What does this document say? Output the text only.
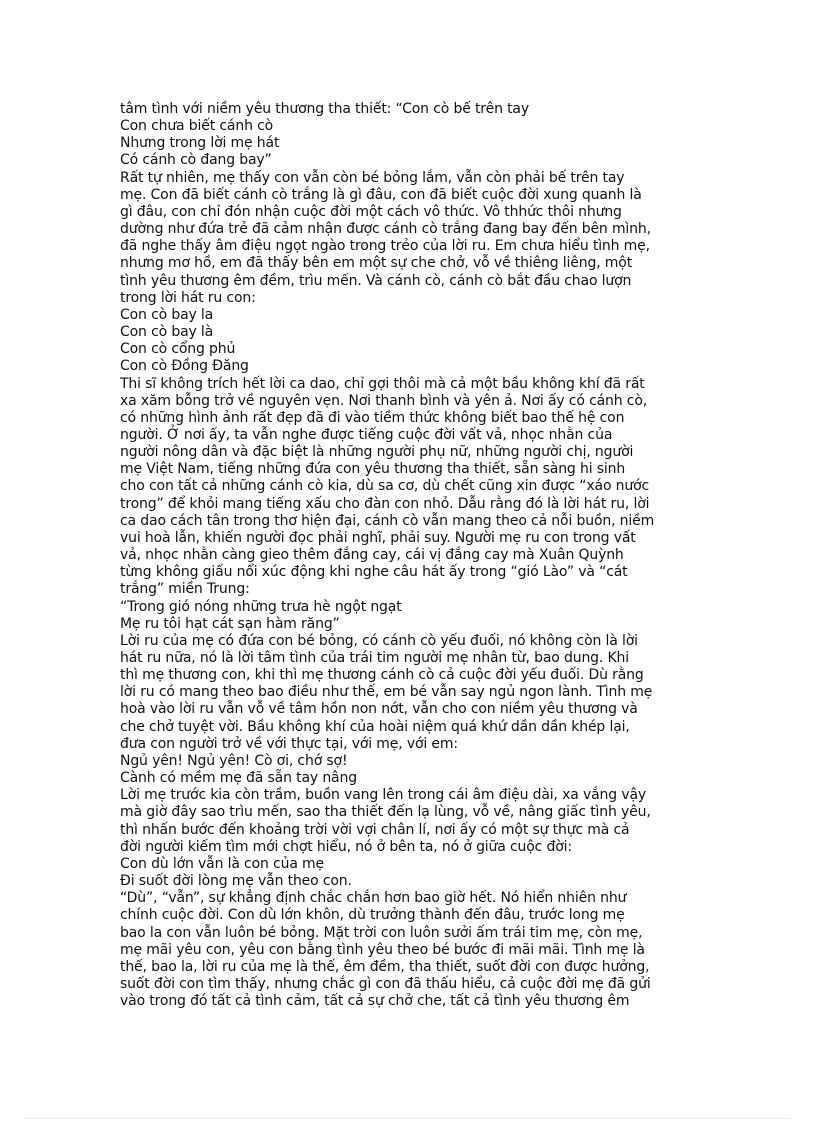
tâm tình với niềm yêu thương tha thiết: “Con cò bế trên tay
Con chưa biết cánh cò
Nhưng trong lời mẹ hát
Có cánh cò đang bay”
Rất tự nhiên, mẹ thấy con vẫn còn bé bỏng lắm, vẫn còn phải bế trên tay
mẹ. Con đã biết cánh cò trắng là gì đâu, con đã biết cuộc đời xung quanh là
gì đâu, con chỉ đón nhận cuộc đời một cách vô thức. Vô thhức thôi nhưng
dường như đứa trẻ đã cảm nhận được cánh cò trắng đang bay đến bên mình,
đã nghe thấy âm điệu ngọt ngào trong trẻo của lời ru. Em chưa hiểu tình mẹ,
nhưng mơ hồ, em đã thấy bên em một sự che chở, vỗ về thiêng liêng, một
tình yêu thương êm đềm, trìu mến. Và cánh cò, cánh cò bắt đầu chao lượn
trong lời hát ru con:
Con cò bay la
Con cò bay là
Con cò cổng phủ
Con cò Đồng Đăng
Thi sĩ không trích hết lời ca dao, chỉ gợi thôi mà cả một bầu không khí đã rất
xa xăm bỗng trở về nguyên vẹn. Nơi thanh bình và yên ả. Nơi ấy có cánh cò,
có những hình ảnh rất đẹp đã đi vào tiềm thức không biết bao thế hệ con
người. Ở nơi ấy, ta vẫn nghe được tiếng cuộc đời vất vả, nhọc nhằn của
người nông dân và đặc biệt là những người phụ nữ, những người chị, người
mẹ Việt Nam, tiếng những đứa con yêu thương tha thiết, sẵn sàng hi sinh
cho con tất cả những cánh cò kia, dù sa cơ, dù chết cũng xin được “xáo nước
trong” để khỏi mang tiếng xấu cho đàn con nhỏ. Dẫu rằng đó là lời hát ru, lời
ca dao cách tân trong thơ hiện đại, cánh cò vẫn mang theo cả nỗi buồn, niềm
vui hoà lẫn, khiến người đọc phải nghĩ, phải suy. Người mẹ ru con trong vất
vả, nhọc nhằn càng gieo thêm đắng cay, cái vị đắng cay mà Xuân Quỳnh
từng không giấu nổi xúc động khi nghe câu hát ấy trong “gió Lào” và “cát
trắng” miền Trung:
“Trong gió nóng những trưa hè ngột ngạt
Mẹ ru tôi hạt cát sạn hàm răng”
Lời ru của mẹ có đứa con bé bỏng, có cánh cò yếu đuối, nó không còn là lời
hát ru nữa, nó là lời tâm tình của trái tim người mẹ nhân từ, bao dung. Khi
thì mẹ thương con, khi thì mẹ thương cánh cò cả cuộc đời yếu đuối. Dù rằng
lời ru có mang theo bao điều như thế, em bé vẫn say ngủ ngon lành. Tình mẹ
hoà vào lời ru vẫn vỗ về tâm hồn non nớt, vẫn cho con niềm yêu thương và
che chở tuyệt vời. Bầu không khí của hoài niệm quá khứ dần dần khép lại,
đưa con người trở về với thực tại, với mẹ, với em:
Ngủ yên! Ngủ yên! Cò ơi, chớ sợ!
Cành có mềm mẹ đã sẵn tay nâng
Lời mẹ trước kia còn trầm, buồn vang lên trong cái âm điệu dài, xa vắng vậy
mà giờ đây sao trìu mến, sao tha thiết đến lạ lùng, vỗ về, nâng giấc tình yêu,
thì nhấn bước đến khoảng trời vời vợi chân lí, nơi ấy có một sự thực mà cả
đời người kiếm tìm mới chợt hiểu, nó ở bên ta, nó ở giữa cuộc đời:
Con dù lớn vẫn là con của mẹ
Đi suốt đời lòng mẹ vẫn theo con.
“Dù”, “vẫn”, sự khẳng định chắc chắn hơn bao giờ hết. Nó hiển nhiên như
chính cuộc đời. Con dù lớn khôn, dù trưởng thành đến đâu, trước long mẹ
bao la con vẫn luôn bé bỏng. Mặt trời con luôn sưởi ấm trái tim mẹ, còn mẹ,
mẹ mãi yêu con, yêu con bằng tình yêu theo bé bước đi mãi mãi. Tình mẹ là
thế, bao la, lời ru của mẹ là thế, êm đềm, tha thiết, suốt đời con được hưởng,
suốt đời con tìm thấy, nhưng chắc gì con đã thấu hiểu, cả cuộc đời mẹ đã gửi
vào trong đó tất cả tình cảm, tất cả sự chở che, tất cả tình yêu thương êm
